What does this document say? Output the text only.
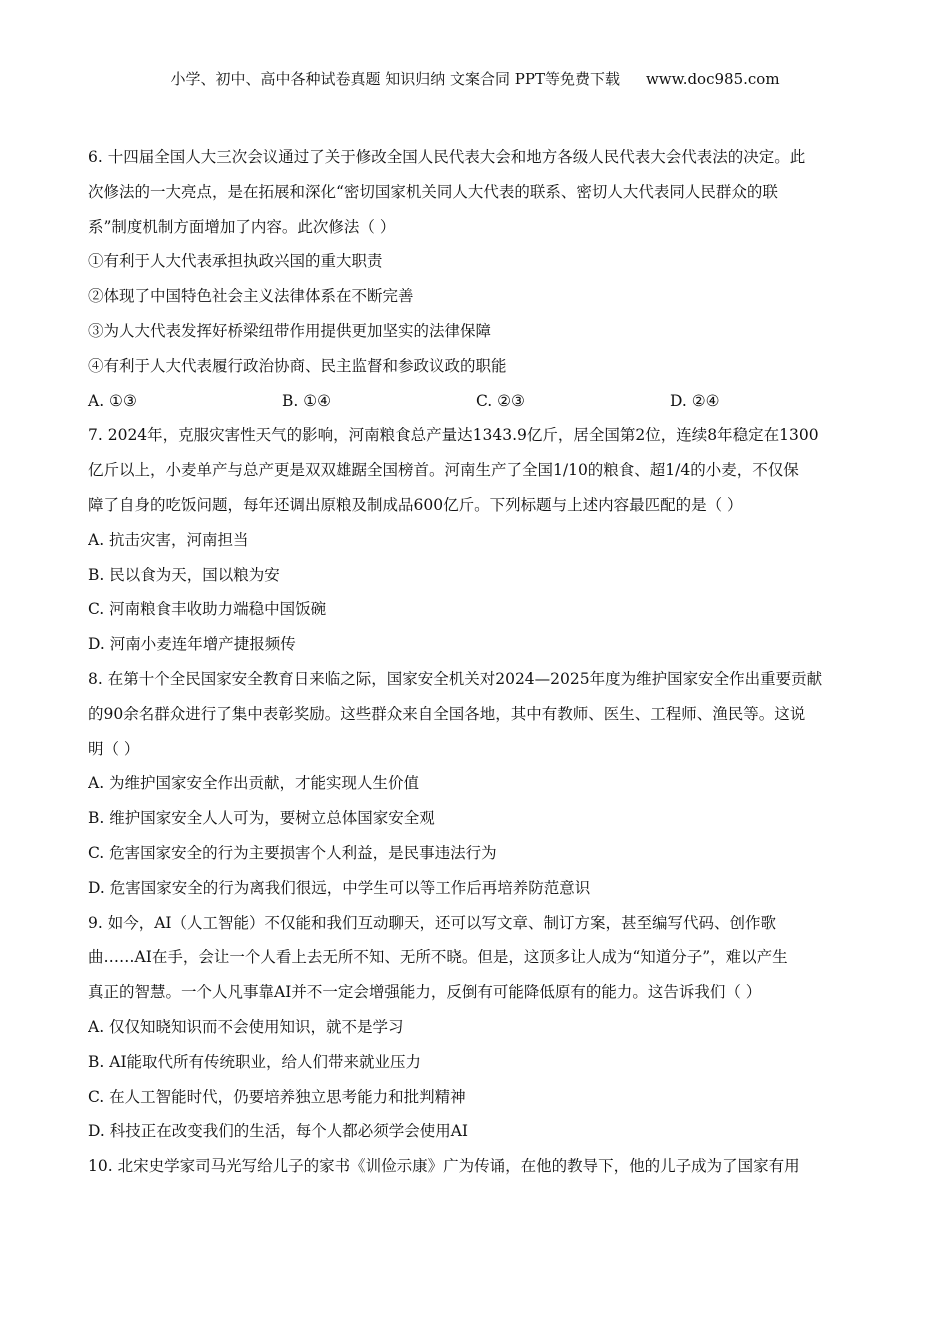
小学、初中、高中各种试卷真题 知识归纳 文案合同 PPT等免费下载 www.doc985.com
6. 十四届全国人大三次会议通过了关于修改全国人民代表大会和地方各级人民代表大会代表法的决定。此
次修法的一大亮点，是在拓展和深化“密切国家机关同人大代表的联系、密切人大代表同人民群众的联
系”制度机制方面增加了内容。此次修法（ ）
①有利于人大代表承担执政兴国的重大职责
②体现了中国特色社会主义法律体系在不断完善
③为人大代表发挥好桥梁纽带作用提供更加坚实的法律保障
④有利于人大代表履行政治协商、民主监督和参政议政的职能
A. ①③	B. ①④	C. ②③	D. ②④
7. 2024年，克服灾害性天气的影响，河南粮食总产量达1343.9亿斤，居全国第2位，连续8年稳定在1300
亿斤以上，小麦单产与总产更是双双雄踞全国榜首。河南生产了全国1/10的粮食、超1/4的小麦，不仅保
障了自身的吃饭问题，每年还调出原粮及制成品600亿斤。下列标题与上述内容最匹配的是（ ）
A. 抗击灾害，河南担当
B. 民以食为天，国以粮为安
C. 河南粮食丰收助力端稳中国饭碗
D. 河南小麦连年增产捷报频传
8. 在第十个全民国家安全教育日来临之际，国家安全机关对2024—2025年度为维护国家安全作出重要贡献
的90余名群众进行了集中表彰奖励。这些群众来自全国各地，其中有教师、医生、工程师、渔民等。这说
明（ ）
A. 为维护国家安全作出贡献，才能实现人生价值
B. 维护国家安全人人可为，要树立总体国家安全观
C. 危害国家安全的行为主要损害个人利益，是民事违法行为
D. 危害国家安全的行为离我们很远，中学生可以等工作后再培养防范意识
9. 如今，AI（人工智能）不仅能和我们互动聊天，还可以写文章、制订方案，甚至编写代码、创作歌
曲……AI在手，会让一个人看上去无所不知、无所不晓。但是，这顶多让人成为“知道分子”，难以产生
真正的智慧。一个人凡事靠AI并不一定会增强能力，反倒有可能降低原有的能力。这告诉我们（ ）
A. 仅仅知晓知识而不会使用知识，就不是学习
B. AI能取代所有传统职业，给人们带来就业压力
C. 在人工智能时代，仍要培养独立思考能力和批判精神
D. 科技正在改变我们的生活，每个人都必须学会使用AI
10. 北宋史学家司马光写给儿子的家书《训俭示康》广为传诵，在他的教导下，他的儿子成为了国家有用
